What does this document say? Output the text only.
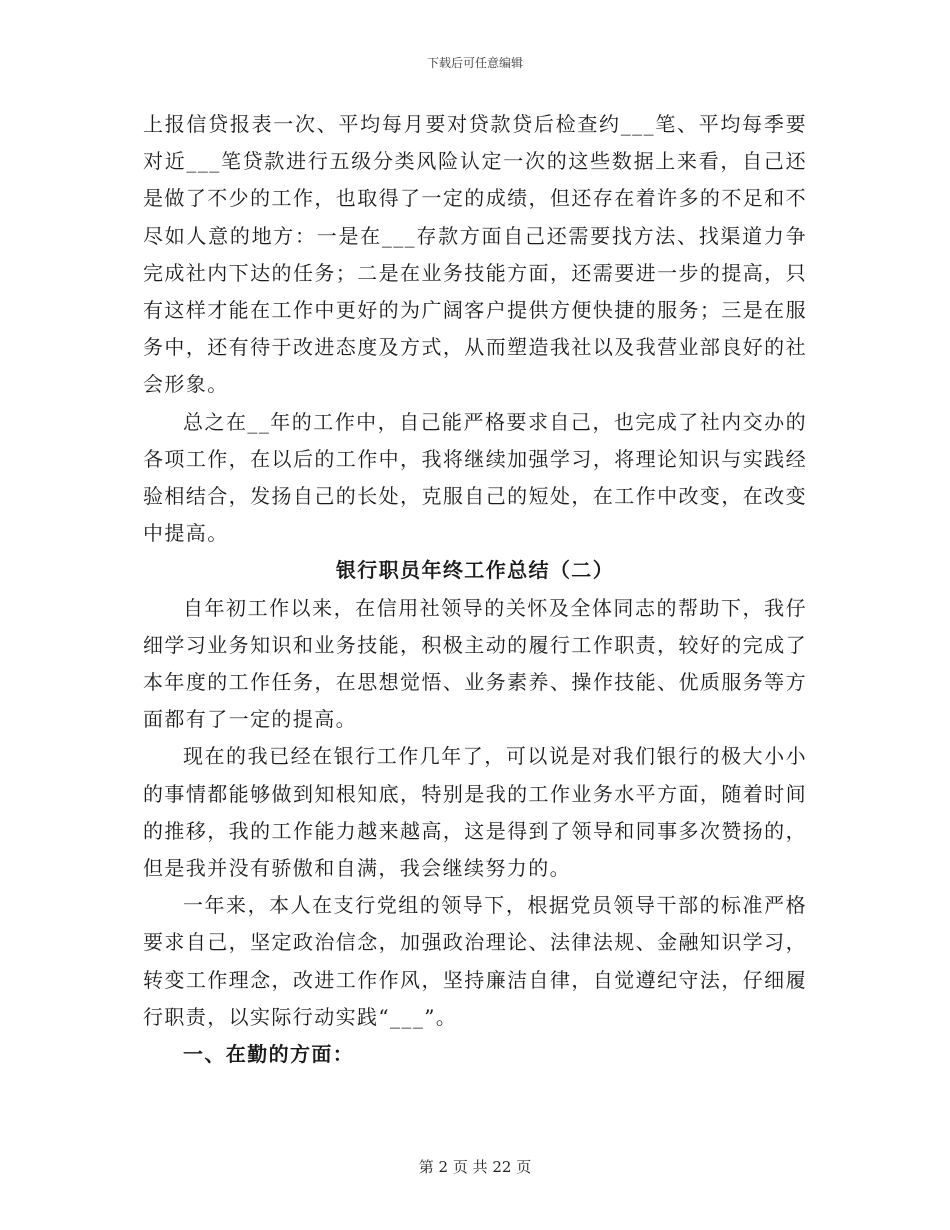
下载后可任意编辑

上报信贷报表一次、平均每月要对贷款贷后检查约___笔、平均每季要对近___笔贷款进行五级分类风险认定一次的这些数据上来看，自己还是做了不少的工作，也取得了一定的成绩，但还存在着许多的不足和不尽如人意的地方：一是在___存款方面自己还需要找方法、找渠道力争完成社内下达的任务；二是在业务技能方面，还需要进一步的提高，只有这样才能在工作中更好的为广阔客户提供方便快捷的服务；三是在服务中，还有待于改进态度及方式，从而塑造我社以及我营业部良好的社会形象。

总之在__年的工作中，自己能严格要求自己，也完成了社内交办的各项工作，在以后的工作中，我将继续加强学习，将理论知识与实践经验相结合，发扬自己的长处，克服自己的短处，在工作中改变，在改变中提高。

银行职员年终工作总结（二）

自年初工作以来，在信用社领导的关怀及全体同志的帮助下，我仔细学习业务知识和业务技能，积极主动的履行工作职责，较好的完成了本年度的工作任务，在思想觉悟、业务素养、操作技能、优质服务等方面都有了一定的提高。

现在的我已经在银行工作几年了，可以说是对我们银行的极大小小的事情都能够做到知根知底，特别是我的工作业务水平方面，随着时间的推移，我的工作能力越来越高，这是得到了领导和同事多次赞扬的，但是我并没有骄傲和自满，我会继续努力的。

一年来，本人在支行党组的领导下，根据党员领导干部的标准严格要求自己，坚定政治信念，加强政治理论、法律法规、金融知识学习，转变工作理念，改进工作作风，坚持廉洁自律，自觉遵纪守法，仔细履行职责，以实际行动实践“___”。

一、在勤的方面：

第 2 页 共 22 页
